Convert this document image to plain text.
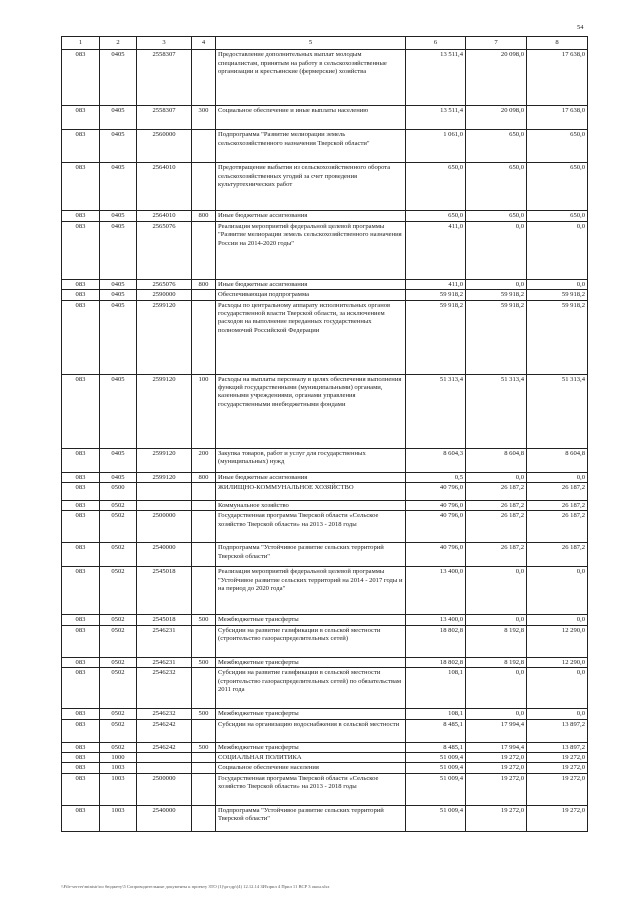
54
1	2	3	4	5	6	7	8
083	0405	2558307		Предоставление дополнительных выплат молодым специалистам, принятым на работу в сельскохозяйственные организации и крестьянские (фермерские) хозяйства	13 511,4	20 098,0	17 638,0
083	0405	2558307	300	Социальное обеспечение и иные выплаты населению	13 511,4	20 098,0	17 638,0
083	0405	2560000		Подпрограмма "Развитие мелиорации земель сельскохозяйственного назначения Тверской области"	1 061,0	650,0	650,0
083	0405	2564010		Предотвращение выбытия из сельскохозяйственного оборота сельскохозяйственных угодий за счет проведения культуртехнических работ	650,0	650,0	650,0
083	0405	2564010	800	Иные бюджетные ассигнования	650,0	650,0	650,0
083	0405	2565076		Реализация мероприятий федеральной целевой программы "Развитие мелиорации земель сельскохозяйственного назначения России на 2014-2020 годы"	411,0	0,0	0,0
083	0405	2565076	800	Иные бюджетные ассигнования	411,0	0,0	0,0
083	0405	2590000		Обеспечивающая подпрограмма	59 918,2	59 918,2	59 918,2
083	0405	2599120		Расходы по центральному аппарату исполнительных органов государственной власти Тверской области, за исключением расходов на выполнение переданных государственных полномочий Российской Федерации	59 918,2	59 918,2	59 918,2
083	0405	2599120	100	Расходы на выплаты персоналу в целях обеспечения выполнения функций государственными (муниципальными) органами, казенными учреждениями, органами управления государственными внебюджетными фондами	51 313,4	51 313,4	51 313,4
083	0405	2599120	200	Закупка товаров, работ и услуг для государственных (муниципальных) нужд	8 604,3	8 604,8	8 604,8
083	0405	2599120	800	Иные бюджетные ассигнования	0,5	0,0	0,0
083	0500			ЖИЛИЩНО-КОММУНАЛЬНОЕ ХОЗЯЙСТВО	40 796,0	26 187,2	26 187,2
083	0502			Коммунальное хозяйство	40 796,0	26 187,2	26 187,2
083	0502	2500000		Государственная программа Тверской области «Сельское хозяйство Тверской области» на 2013 - 2018 годы	40 796,0	26 187,2	26 187,2
083	0502	2540000		Подпрограмма "Устойчивое развитие сельских территорий Тверской области"	40 796,0	26 187,2	26 187,2
083	0502	2545018		Реализация мероприятий федеральной целевой программы "Устойчивое развитие сельских территорий на 2014 - 2017 годы и на период до 2020 года"	13 400,0	0,0	0,0
083	0502	2545018	500	Межбюджетные трансферты	13 400,0	0,0	0,0
083	0502	2546231		Субсидии на развитие газификации в сельской местности (строительство газораспределительных сетей)	18 802,8	8 192,8	12 290,0
083	0502	2546231	500	Межбюджетные трансферты	18 802,8	8 192,8	12 290,0
083	0502	2546232		Субсидии на развитие газификации в сельской местности (строительство газораспределительных сетей) по обязательствам 2011 года	108,1	0,0	0,0
083	0502	2546232	500	Межбюджетные трансферты	108,1	0,0	0,0
083	0502	2546242		Субсидии на организацию водоснабжения в сельской местности	8 485,1	17 994,4	13 897,2
083	0502	2546242	500	Межбюджетные трансферты	8 485,1	17 994,4	13 897,2
083	1000			СОЦИАЛЬНАЯ ПОЛИТИКА	51 009,4	19 272,0	19 272,0
083	1003			Социальное обеспечение населения	51 009,4	19 272,0	19 272,0
083	1003	2500000		Государственная программа Тверской области «Сельское хозяйство Тверской области» на 2013 - 2018 годы	51 009,4	19 272,0	19 272,0
083	1003	2540000		Подпрограмма "Устойчивое развитие сельских территорий Тверской области"	51 009,4	19 272,0	19 272,0
\\File-server\ministr\по бюджету\5 Сопроводительные документы к проекту ЗТО (1)\ргсдр\(4) 12.12.14 ЗИ\прил 4 Прил 11 ВСР 3 окон.xlsx
